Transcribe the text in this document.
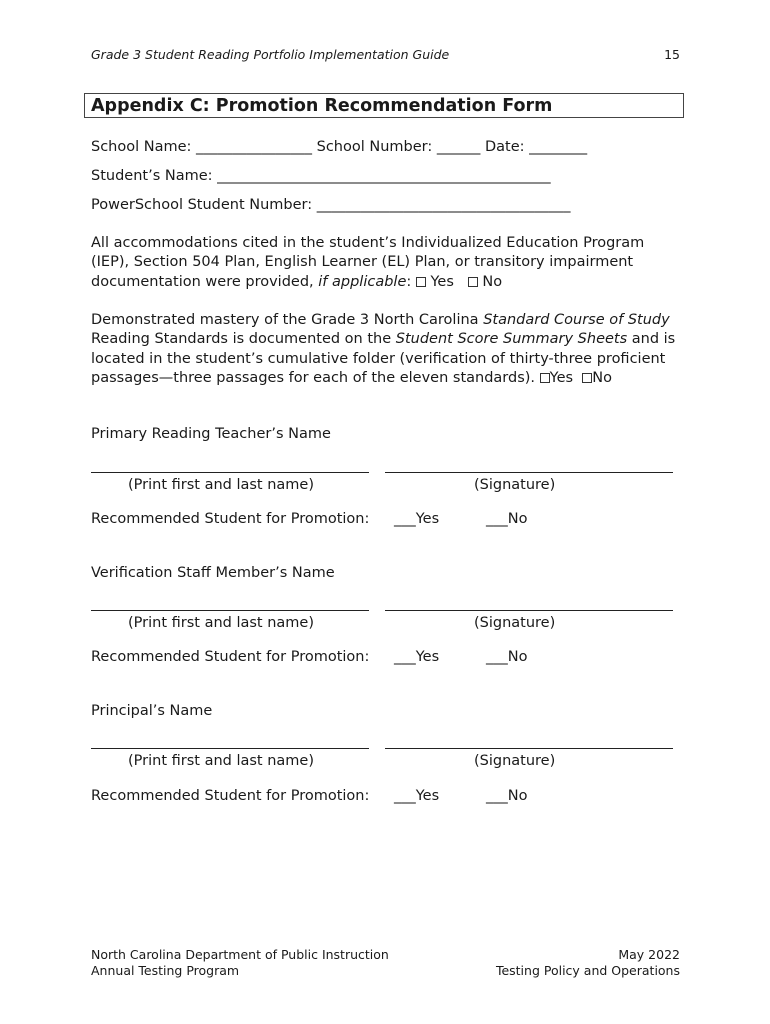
Grade 3 Student Reading Portfolio Implementation Guide	15
Appendix C: Promotion Recommendation Form
School Name: ________________ School Number: ______ Date: ________
Student’s Name: ______________________________________________
PowerSchool Student Number: ___________________________________
All accommodations cited in the student’s Individualized Education Program (IEP), Section 504 Plan, English Learner (EL) Plan, or transitory impairment documentation were provided, if applicable: Yes No
Demonstrated mastery of the Grade 3 North Carolina Standard Course of Study Reading Standards is documented on the Student Score Summary Sheets and is located in the student’s cumulative folder (verification of thirty-three proficient passages—three passages for each of the eleven standards). Yes No
Primary Reading Teacher’s Name
(Print first and last name)	(Signature)
Recommended Student for Promotion: ___Yes	___No
Verification Staff Member’s Name
(Print first and last name)	(Signature)
Recommended Student for Promotion: ___Yes	___No
Principal’s Name
(Print first and last name)	(Signature)
Recommended Student for Promotion: ___Yes	___No
North Carolina Department of Public Instruction
Annual Testing Program
May 2022
Testing Policy and Operations
